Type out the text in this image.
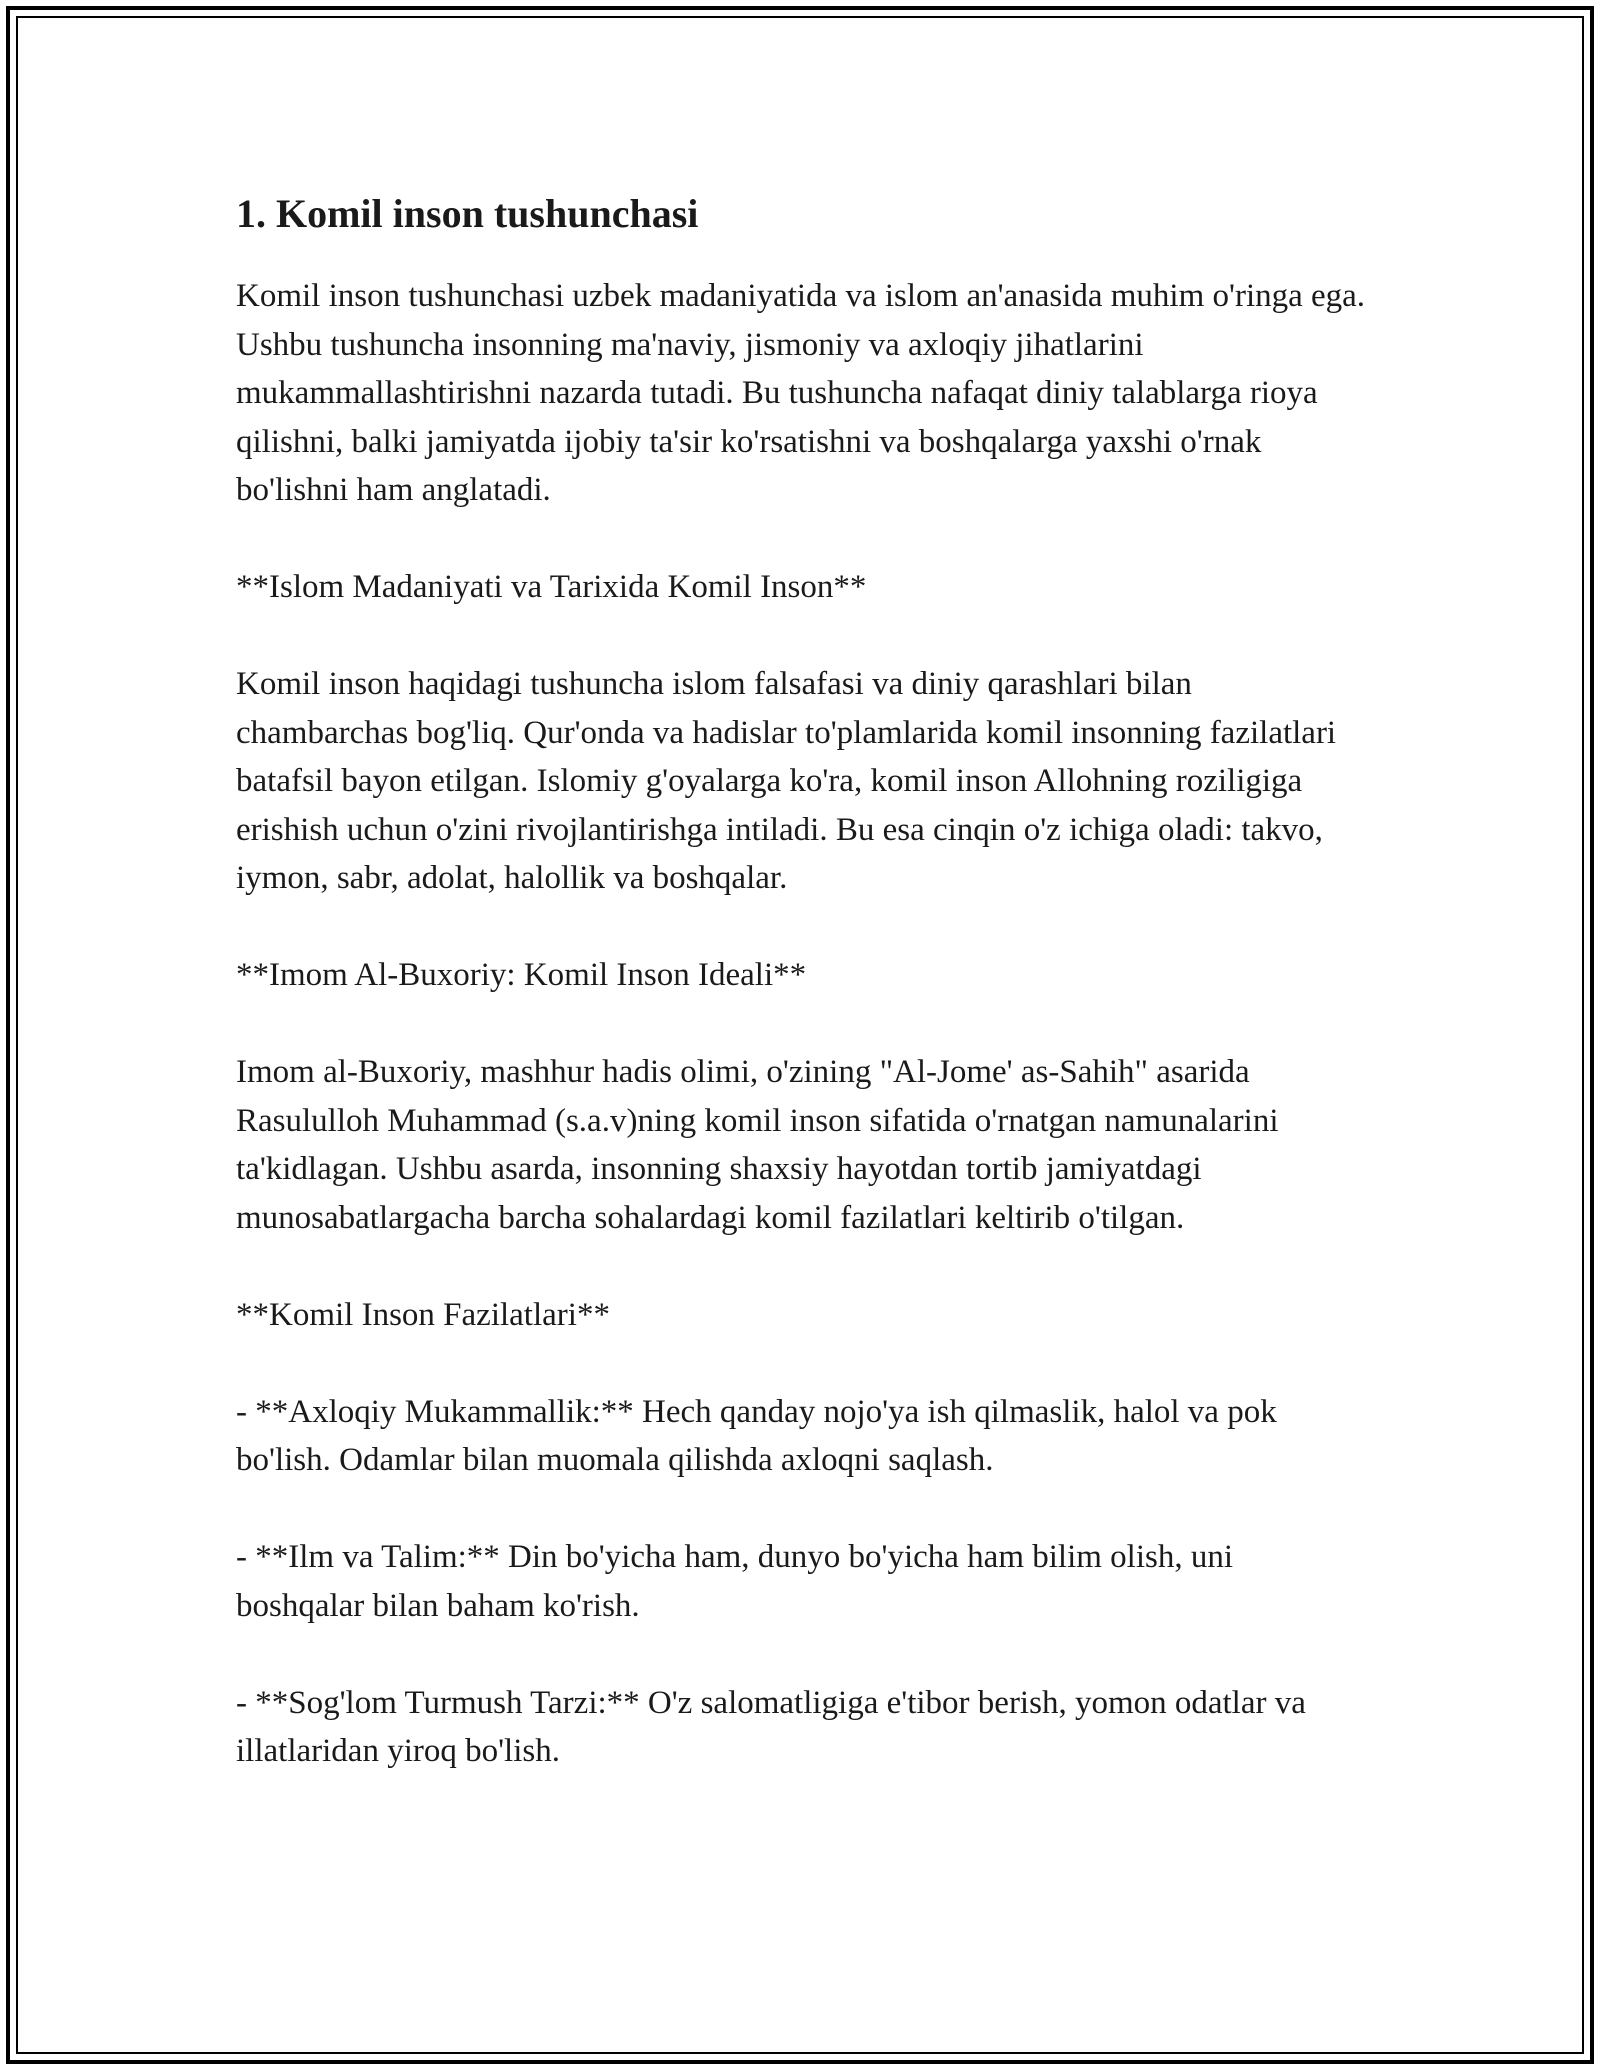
1. Komil inson tushunchasi

Komil inson tushunchasi uzbek madaniyatida va islom an'anasida muhim o'ringa ega. Ushbu tushuncha insonning ma'naviy, jismoniy va axloqiy jihatlarini mukammallashtirishni nazarda tutadi. Bu tushuncha nafaqat diniy talablarga rioya qilishni, balki jamiyatda ijobiy ta'sir ko'rsatishni va boshqalarga yaxshi o'rnak bo'lishni ham anglatadi.

**Islom Madaniyati va Tarixida Komil Inson**

Komil inson haqidagi tushuncha islom falsafasi va diniy qarashlari bilan chambarchas bog'liq. Qur'onda va hadislar to'plamlarida komil insonning fazilatlari batafsil bayon etilgan. Islomiy g'oyalarga ko'ra, komil inson Allohning roziligiga erishish uchun o'zini rivojlantirishga intiladi. Bu esa cinqin o'z ichiga oladi: takvo, iymon, sabr, adolat, halollik va boshqalar.

**Imom Al-Buxoriy: Komil Inson Ideali**

Imom al-Buxoriy, mashhur hadis olimi, o'zining "Al-Jome' as-Sahih" asarida Rasululloh Muhammad (s.a.v)ning komil inson sifatida o'rnatgan namunalarini ta'kidlagan. Ushbu asarda, insonning shaxsiy hayotdan tortib jamiyatdagi munosabatlargacha barcha sohalardagi komil fazilatlari keltirib o'tilgan.

**Komil Inson Fazilatlari**

- **Axloqiy Mukammallik:** Hech qanday nojo'ya ish qilmaslik, halol va pok bo'lish. Odamlar bilan muomala qilishda axloqni saqlash.

- **Ilm va Talim:** Din bo'yicha ham, dunyo bo'yicha ham bilim olish, uni boshqalar bilan baham ko'rish.

- **Sog'lom Turmush Tarzi:** O'z salomatligiga e'tibor berish, yomon odatlar va illatlaridan yiroq bo'lish.
